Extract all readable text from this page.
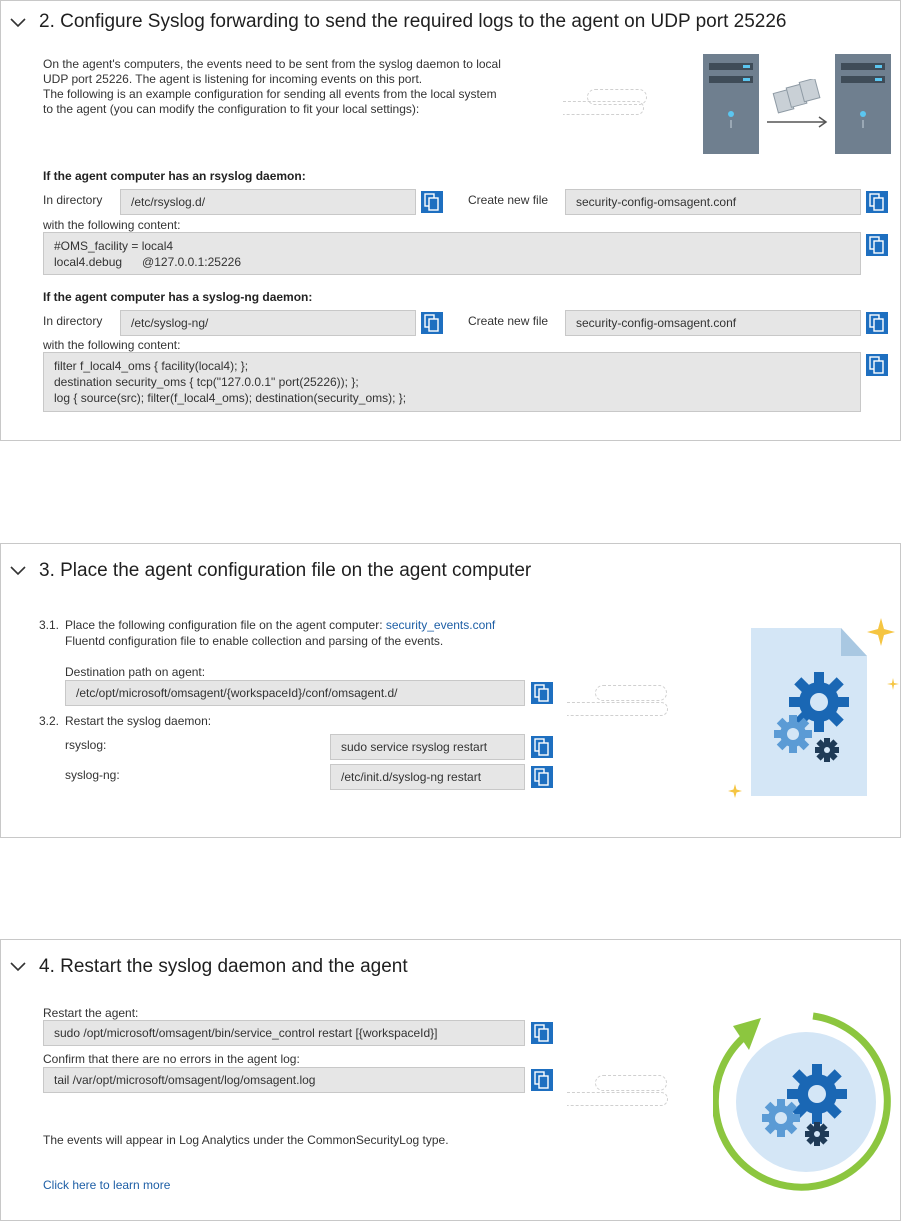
2. Configure Syslog forwarding to send the required logs to the agent on UDP port 25226
On the agent's computers, the events need to be sent from the syslog daemon to local
UDP port 25226. The agent is listening for incoming events on this port.
The following is an example configuration for sending all events from the local system
to the agent (you can modify the configuration to fit your local settings):
If the agent computer has an rsyslog daemon:
In directory	/etc/rsyslog.d/	Create new file	security-config-omsagent.conf
with the following content:
#OMS_facility = local4
local4.debug      @127.0.0.1:25226
If the agent computer has a syslog-ng daemon:
In directory	/etc/syslog-ng/	Create new file	security-config-omsagent.conf
with the following content:
filter f_local4_oms { facility(local4); };
destination security_oms { tcp("127.0.0.1" port(25226)); };
log { source(src); filter(f_local4_oms); destination(security_oms); };
3. Place the agent configuration file on the agent computer
3.1. Place the following configuration file on the agent computer: security_events.conf
Fluentd configuration file to enable collection and parsing of the events.
Destination path on agent:
/etc/opt/microsoft/omsagent/{workspaceId}/conf/omsagent.d/
3.2. Restart the syslog daemon:
rsyslog:	sudo service rsyslog restart
syslog-ng:	/etc/init.d/syslog-ng restart
4. Restart the syslog daemon and the agent
Restart the agent:
sudo /opt/microsoft/omsagent/bin/service_control restart [{workspaceId}]
Confirm that there are no errors in the agent log:
tail /var/opt/microsoft/omsagent/log/omsagent.log
The events will appear in Log Analytics under the CommonSecurityLog type.
Click here to learn more
